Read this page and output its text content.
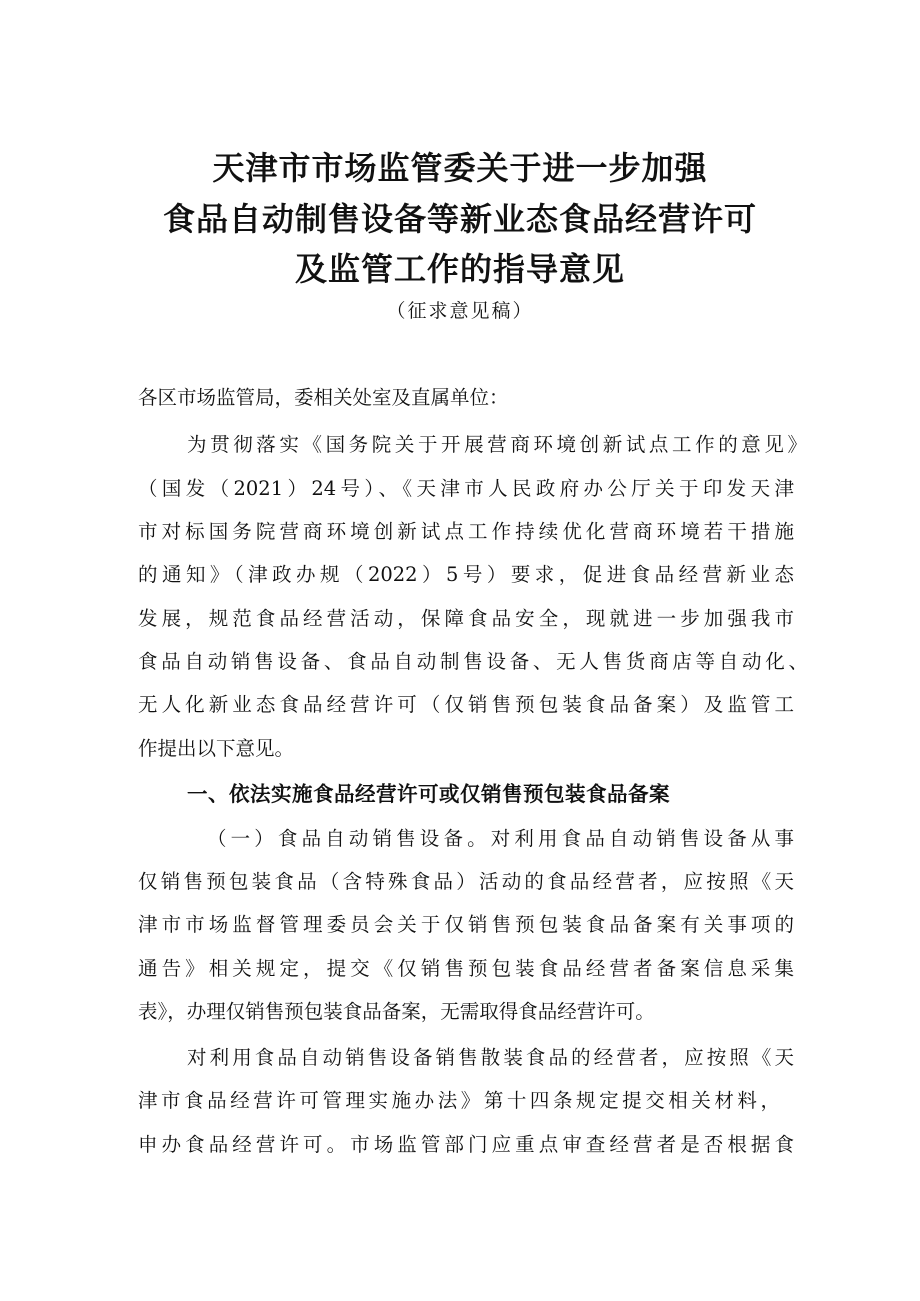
天津市市场监管委关于进一步加强
食品自动制售设备等新业态食品经营许可
及监管工作的指导意见
（征求意见稿）
各区市场监管局，委相关处室及直属单位：
为贯彻落实《国务院关于开展营商环境创新试点工作的意见》
（国发（2021）24号）、《天津市人民政府办公厅关于印发天津
市对标国务院营商环境创新试点工作持续优化营商环境若干措施
的通知》（津政办规（2022）5号）要求，促进食品经营新业态
发展，规范食品经营活动，保障食品安全，现就进一步加强我市
食品自动销售设备、食品自动制售设备、无人售货商店等自动化、
无人化新业态食品经营许可（仅销售预包装食品备案）及监管工
作提出以下意见。
一、依法实施食品经营许可或仅销售预包装食品备案
（一）食品自动销售设备。对利用食品自动销售设备从事
仅销售预包装食品（含特殊食品）活动的食品经营者，应按照《天
津市市场监督管理委员会关于仅销售预包装食品备案有关事项的
通告》相关规定，提交《仅销售预包装食品经营者备案信息采集
表》，办理仅销售预包装食品备案，无需取得食品经营许可。
对利用食品自动销售设备销售散装食品的经营者，应按照《天
津市食品经营许可管理实施办法》第十四条规定提交相关材料，
申办食品经营许可。市场监管部门应重点审查经营者是否根据食
